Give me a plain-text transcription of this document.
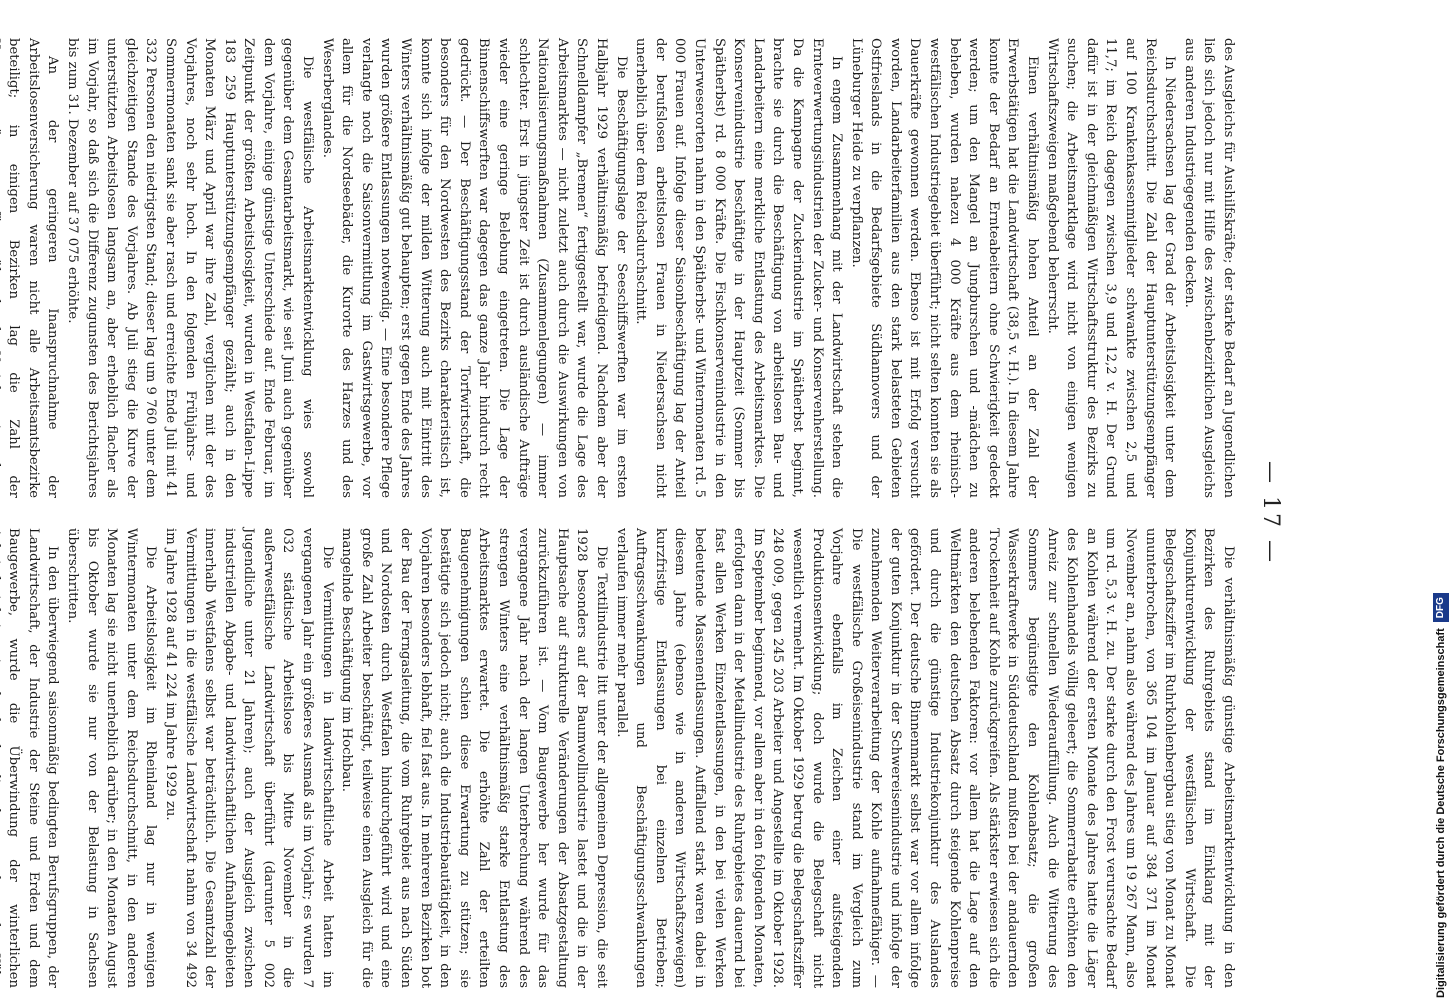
— 17 —

des Ausgleichs für Aushilfskräfte; der starke Bedarf an Jugendlichen ließ sich jedoch nur mit Hilfe des zwischenbezirklichen Ausgleichs aus anderen Industriegegenden decken.

In Niedersachsen lag der Grad der Arbeitslosigkeit unter dem Reichsdurchschnitt. Die Zahl der Hauptunterstützungsempfänger auf 100 Krankenkassenmitglieder schwankte zwischen 2,5 und 11,7; im Reich dagegen zwischen 3,9 und 12,2 v. H. Der Grund dafür ist in der gleichmäßigen Wirtschaftsstruktur des Bezirks zu suchen; die Arbeitsmarktlage wird nicht von einigen wenigen Wirtschaftszweigen maßgebend beherrscht.

Einen verhältnismäßig hohen Anteil an der Zahl der Erwerbstätigen hat die Landwirtschaft (38,5 v. H.). In diesem Jahre konnte der Bedarf an Ernteabeitern ohne Schwierigkeit gedeckt werden; um den Mangel an Jungburschen und -mädchen zu beheben, wurden nahezu 4 000 Kräfte aus dem rheinisch-westfälischen Industriegebiet überführt; nicht selten konnten sie als Dauerkräfte gewonnen werden. Ebenso ist mit Erfolg versucht worden, Landarbeiterfamilien aus den stark belasteten Gebieten Ostfrieslands in die Bedarfsgebiete Südhannovers und der Lüneburger Heide zu verpflanzen.

In engem Zusammenhang mit der Landwirtschaft stehen die Ernteverwertungsindustrien der Zucker- und Konservenherstellung. Da die Kampagne der Zuckerindustrie im Spätherbst beginnt, brachte sie durch die Beschäftigung von arbeitslosen Bau- und Landarbeitern eine merkliche Entlastung des Arbeitsmarktes. Die Konservenindustrie beschäftigte in der Hauptzeit (Sommer bis Spätherbst) rd. 8 000 Kräfte. Die Fischkonservenindustrie in den Unterweserorten nahm in den Spätherbst- und Wintermonaten rd. 5 000 Frauen auf. Infolge dieser Saisonbeschäftigung lag der Anteil der berufslosen arbeitslosen Frauen in Niedersachsen nicht unerheblich über dem Reichsdurchschnitt.

Die Beschäftigungslage der Seeschiffswerften war im ersten Halbjahr 1929 verhältnismäßig befriedigend. Nachdem aber der Schnelldampfer „Bremen“ fertiggestellt war, wurde die Lage des Arbeitsmarktes — nicht zuletzt auch durch die Auswirkungen von Nationalisierungsmaßnahmen (Zusammenlegungen) — immer schlechter. Erst in jüngster Zeit ist durch ausländische Aufträge wieder eine geringe Belebung eingetreten. Die Lage der Binnenschiffswerften war dagegen das ganze Jahr hindurch recht gedrückt. — Der Beschäftigungsstand der Torfwirtschaft, die besonders für den Nordwesten des Bezirks charakteristisch ist, konnte sich infolge der milden Witterung auch mit Eintritt des Winters verhältnismäßig gut behaupten; erst gegen Ende des Jahres wurden größere Entlassungen notwendig. — Eine besondere Pflege verlangte noch die Saisonvermittlung im Gastwirtsgewerbe, vor allem für die Nordseebäder, die Kurorte des Harzes und des Weserberglandes.

Die westfälische Arbeitsmarktentwicklung wies sowohl gegenüber dem Gesamtarbeitsmarkt, wie seit Juni auch gegenüber dem Vorjahre, einige günstige Unterschiede auf. Ende Februar, im Zeitpunkt der größten Arbeitslosigkeit, wurden in Westfalen-Lippe 183 259 Hauptunterstützungsempfänger gezählt; auch in den Monaten März und April war ihre Zahl, verglichen mit der des Vorjahres, noch sehr hoch. In den folgenden Frühjahrs- und Sommermonaten sank sie aber rasch und erreichte Ende Juli mit 41 332 Personen den niedrigsten Stand; dieser lag um 9 760 unter dem gleichzeitigen Stande des Vorjahres. Ab Juli stieg die Kurve der unterstützten Arbeitslosen langsam an, aber erheblich flacher als im Vorjahr, so daß sich die Differenz zugunsten des Berichtsjahres bis zum 31. Dezember auf 37 075 erhöhte.

An der geringeren Inanspruchnahme der Arbeitslosenversicherung waren nicht alle Arbeitsamtsbezirke beteiligt; in einigen Bezirken lag die Zahl der

Die verhältnismäßig günstige Arbeitsmarktentwicklung in den Bezirken des Ruhrgebiets stand im Einklang mit der Konjunkturentwicklung der westfälischen Wirtschaft. Die Belegschaftsziffer im Ruhrkohlenbergbau stieg von Monat zu Monat ununterbrochen, von 365 104 im Januar auf 384 371 im Monat November an, nahm also während des Jahres um 19 267 Mann, also um rd. 5,3 v. H. zu. Der starke durch den Frost verursachte Bedarf an Kohlen während der ersten Monate des Jahres hatte die Läger des Kohlenhandels völlig geleert; die Sommerrabatte erhöhten den Anreiz zur schnellen Wiederauffüllung. Auch die Witterung des Sommers begünstigte den Kohlenabsatz; die großen Wasserkraftwerke in Süddeutschland mußten bei der andauernden Trockenheit auf Kohle zurückgreifen. Als stärkster erwiesen sich die anderen belebenden Faktoren: vor allem hat die Lage auf den Weltmärkten den deutschen Absatz durch steigende Kohlenpreise und durch die günstige Industriekonjunktur des Auslandes gefördert. Der deutsche Binnenmarkt selbst war vor allem infolge der guten Konjunktur in der Schwereisenindustrie und infolge der zunehmenden Weiterverarbeitung der Kohle aufnahmefähiger. — Die westfälische Großeisenindustrie stand im Vergleich zum Vorjahre ebenfalls im Zeichen einer aufsteigenden Produktionsentwicklung; doch wurde die Belegschaft nicht wesentlich vermehrt. Im Oktober 1929 betrug die Belegschaftsziffer 248 009, gegen 245 203 Arbeiter und Angestellte im Oktober 1928. Im September beginnend, vor allem aber in den folgenden Monaten, erfolgten dann in der Metallindustrie des Ruhrgebietes dauernd bei fast allen Werken Einzelentlassungen, in den bei vielen Werken bedeutende Massenentlassungen. Auffallend stark waren dabei in diesem Jahre (ebenso wie in anderen Wirtschaftszweigen) kurzfristige Entlassungen bei einzelnen Betrieben; Auftragsschwankungen und Beschäftigungsschwankungen verlaufen immer mehr parallel.

Die Textilindustrie litt unter der allgemeinen Depression, die seit 1928 besonders auf der Baumwollindustrie lastet und die in der Hauptsache auf strukturelle Veränderungen der Absatzgestaltung zurückzuführen ist. — Vom Baugewerbe her wurde für das vergangene Jahr nach der langen Unterbrechung während des strengen Winters eine verhältnismäßig starke Entlastung des Arbeitsmarktes erwartet. Die erhöhte Zahl der erteilten Baugenehmigungen schien diese Erwartung zu stützen; sie bestätigte sich jedoch nicht; auch die Industriebautätigkeit, in den Vorjahren besonders lebhaft, fiel fast aus. In mehreren Bezirken bot der Bau der Ferngasleitung, die vom Ruhrgebiet aus nach Süden und Nordosten durch Westfalen hindurchgeführt wird und eine große Zahl Arbeiter beschäftigt, teilweise einen Ausgleich für die mangelnde Beschäftigung im Hochbau.

Die Vermittlungen in landwirtschaftliche Arbeit hatten im vergangenen Jahr ein größeres Ausmaß als im Vorjahr; es wurden 7 032 städtische Arbeitslose bis Mitte November in die außerwestfälische Landwirtschaft überführt (darunter 5 002 Jugendliche unter 21 Jahren); auch der Ausgleich zwischen industriellen Abgabe- und landwirtschaftlichen Aufnahmegebieten innerhalb Westfalens selbst war beträchtlich. Die Gesamtzahl der Vermittlungen in die westfälische Landwirtschaft nahm von 34 492 im Jahre 1928 auf 41 224 im Jahre 1929 zu.

Die Arbeitslosigkeit im Rheinland lag nur in wenigen Wintermonaten unter dem Reichsdurchschnitt, in den anderen Monaten lag sie nicht unerheblich darüber; in den Monaten August bis Oktober wurde sie nur von der Belastung in Sachsen überschritten.

In den überwiegend saisonmäßig bedingten Berufsgruppen, der Landwirtschaft, der Industrie der Steine und Erden und dem Baugewerbe, wurde die Überwindung der winterlichen	Digitalisierung gefördert durch die Deutsche Forschungsgemeinschaft
DFG
